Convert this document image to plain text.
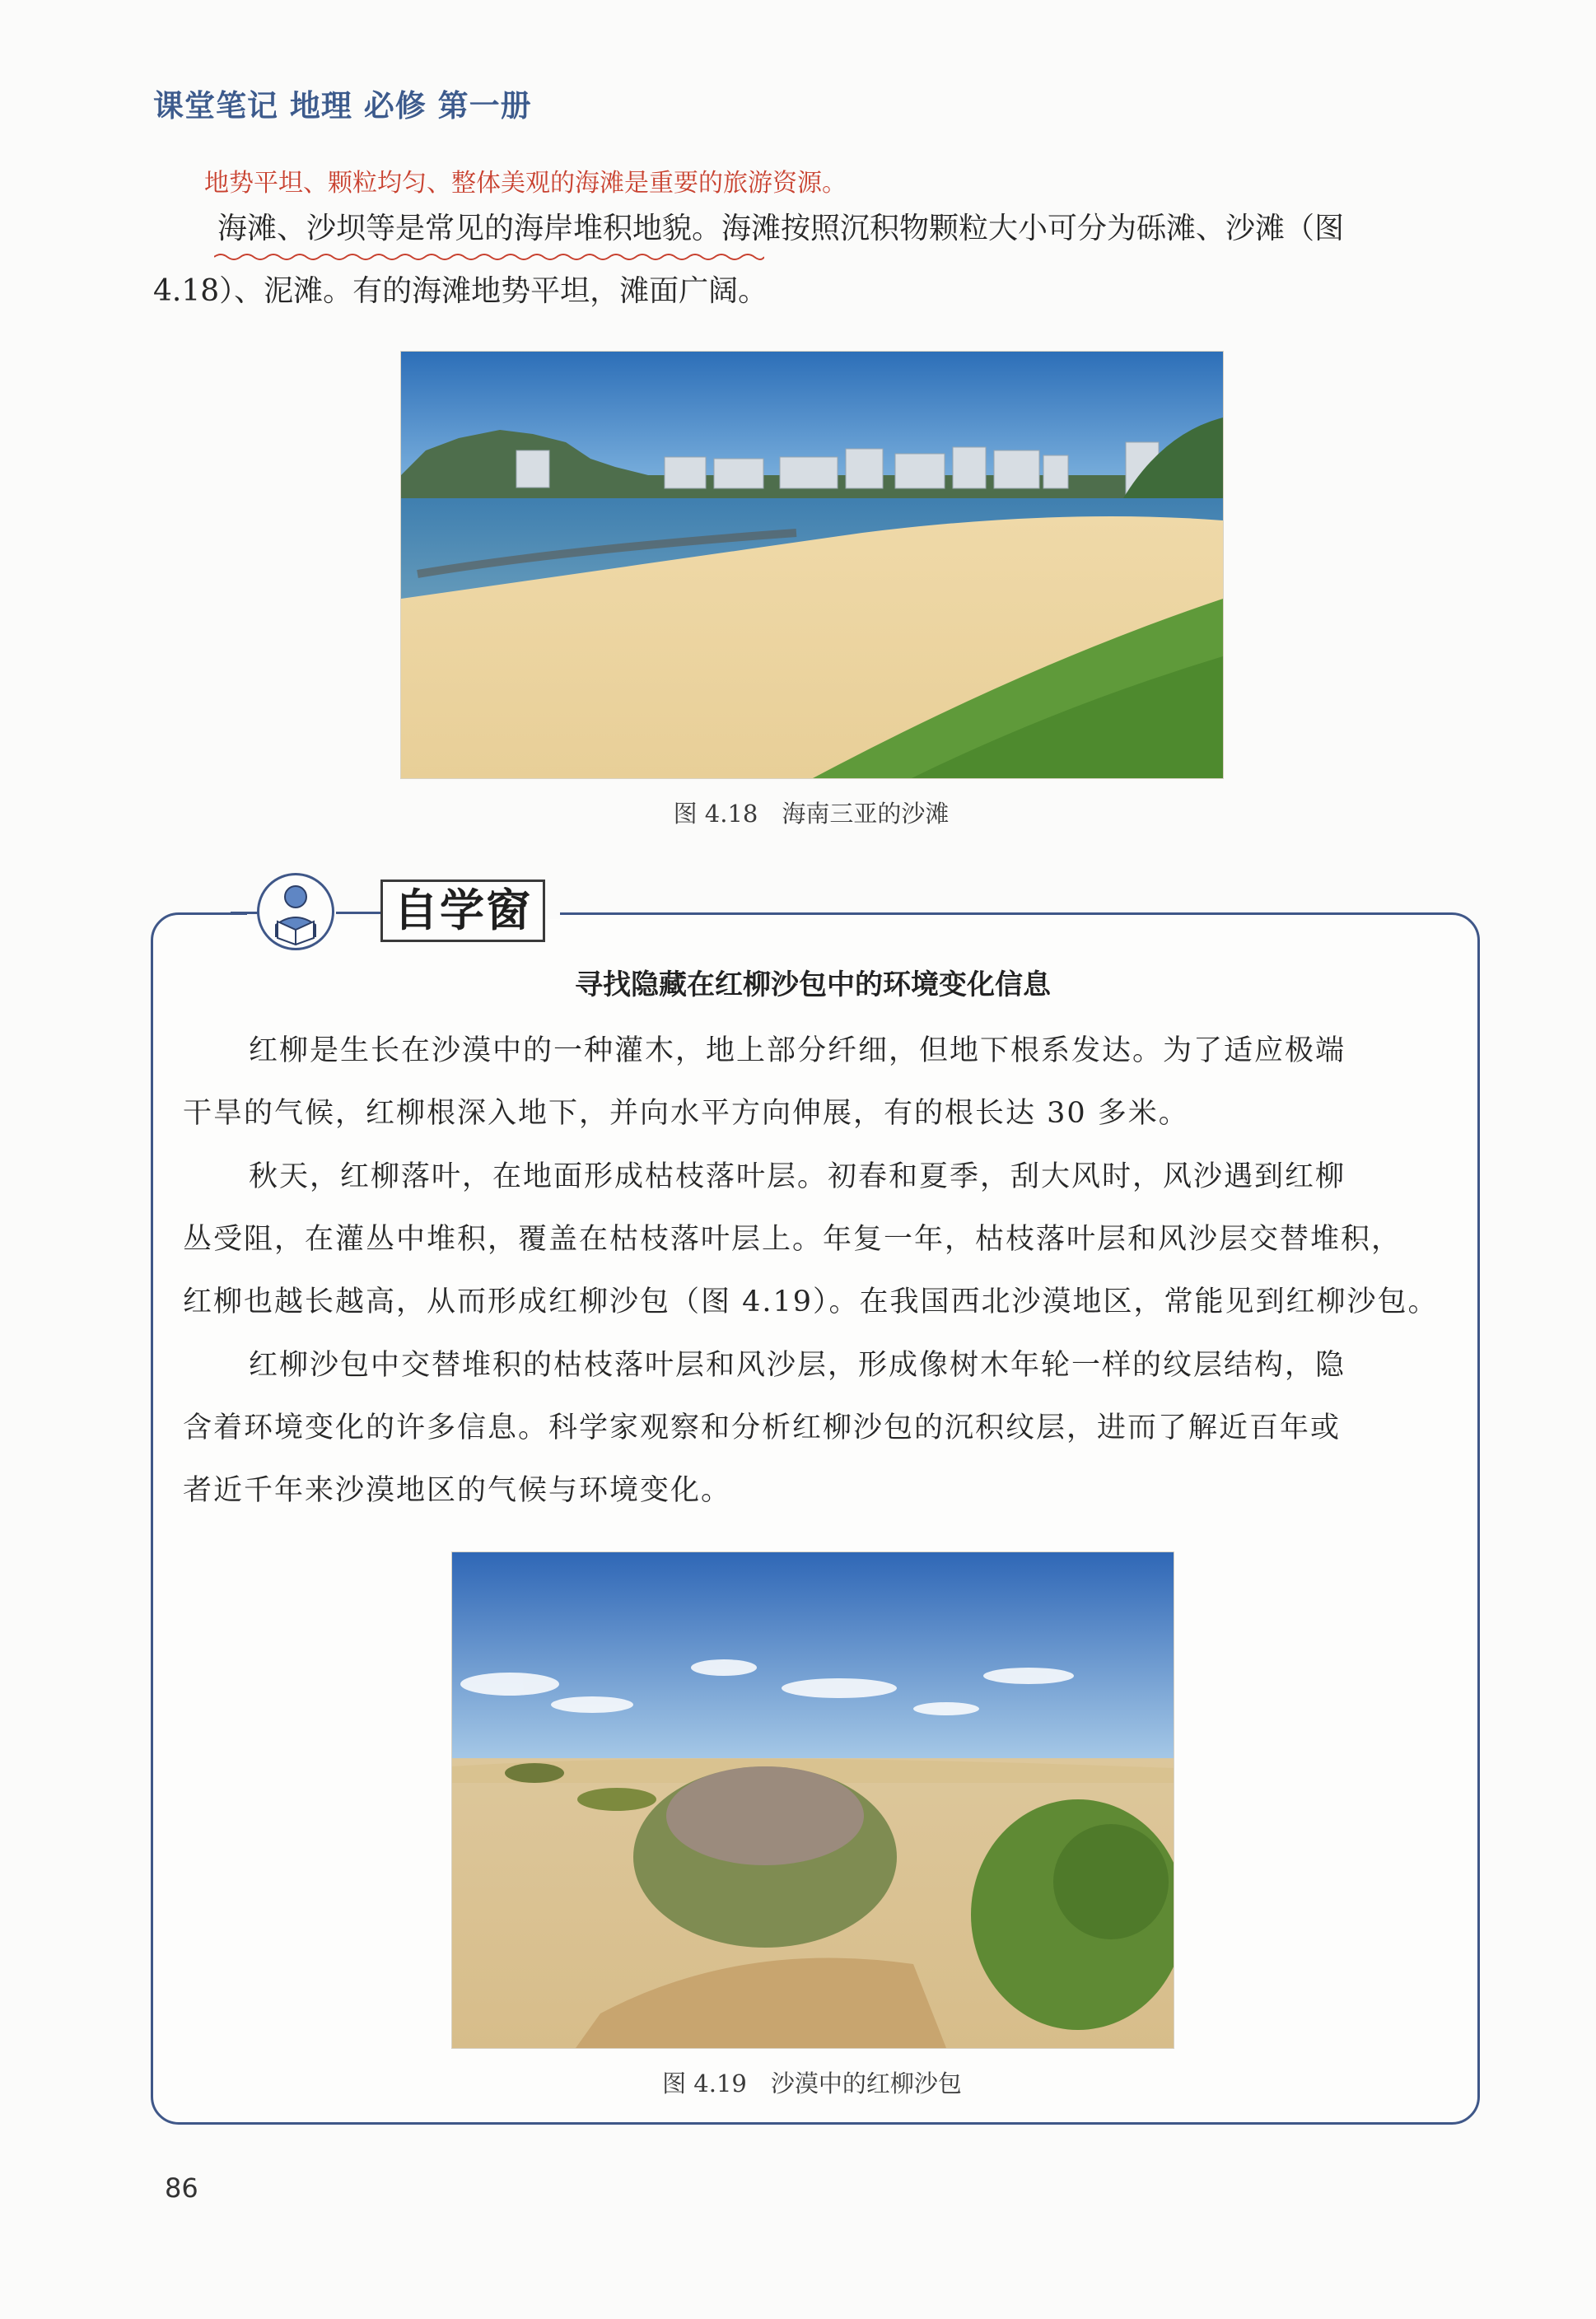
课堂笔记 地理 必修 第一册
地势平坦、颗粒均匀、整体美观的海滩是重要的旅游资源。
海滩、沙坝等是常见的海岸堆积地貌。海滩按照沉积物颗粒大小可分为砾滩、沙滩（图
4.18）、泥滩。有的海滩地势平坦，滩面广阔。
图 4.18　海南三亚的沙滩
自学窗
寻找隐藏在红柳沙包中的环境变化信息
红柳是生长在沙漠中的一种灌木，地上部分纤细，但地下根系发达。为了适应极端
干旱的气候，红柳根深入地下，并向水平方向伸展，有的根长达 30 多米。
秋天，红柳落叶，在地面形成枯枝落叶层。初春和夏季，刮大风时，风沙遇到红柳
丛受阻，在灌丛中堆积，覆盖在枯枝落叶层上。年复一年，枯枝落叶层和风沙层交替堆积，
红柳也越长越高，从而形成红柳沙包（图 4.19）。在我国西北沙漠地区，常能见到红柳沙包。
红柳沙包中交替堆积的枯枝落叶层和风沙层，形成像树木年轮一样的纹层结构，隐
含着环境变化的许多信息。科学家观察和分析红柳沙包的沉积纹层，进而了解近百年或
者近千年来沙漠地区的气候与环境变化。
图 4.19　沙漠中的红柳沙包
86
